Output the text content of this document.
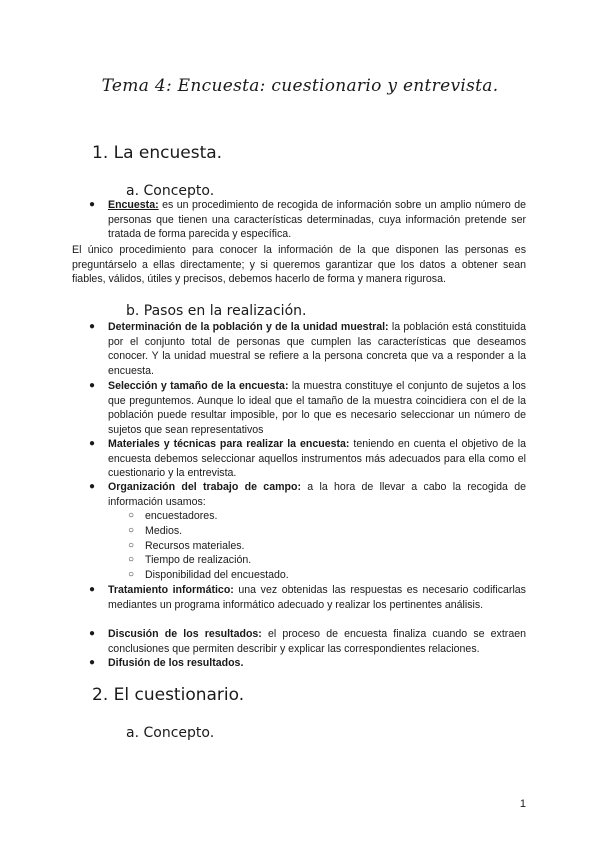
Tema 4: Encuesta: cuestionario y entrevista.
1. La encuesta.
a. Concepto.
● Encuesta: es un procedimiento de recogida de información sobre un amplio número de personas que tienen una características determinadas, cuya información pretende ser tratada de forma parecida y específica.
El único procedimiento para conocer la información de la que disponen las personas es preguntárselo a ellas directamente; y si queremos garantizar que los datos a obtener sean fiables, válidos, útiles y precisos, debemos hacerlo de forma y manera rigurosa.
b. Pasos en la realización.
● Determinación de la población y de la unidad muestral: la población está constituida por el conjunto total de personas que cumplen las características que deseamos conocer. Y la unidad muestral se refiere a la persona concreta que va a responder a la encuesta.
● Selección y tamaño de la encuesta: la muestra constituye el conjunto de sujetos a los que preguntemos. Aunque lo ideal que el tamaño de la muestra coincidiera con el de la población puede resultar imposible, por lo que es necesario seleccionar un número de sujetos que sean representativos
● Materiales y técnicas para realizar la encuesta: teniendo en cuenta el objetivo de la encuesta debemos seleccionar aquellos instrumentos más adecuados para ella como el cuestionario y la entrevista.
● Organización del trabajo de campo: a la hora de llevar a cabo la recogida de información usamos:
○ encuestadores.
○ Medios.
○ Recursos materiales.
○ Tiempo de realización.
○ Disponibilidad del encuestado.
● Tratamiento informático: una vez obtenidas las respuestas es necesario codificarlas mediantes un programa informático adecuado y realizar los pertinentes análisis.
● Discusión de los resultados: el proceso de encuesta finaliza cuando se extraen conclusiones que permiten describir y explicar las correspondientes relaciones.
● Difusión de los resultados.
2. El cuestionario.
a. Concepto.
1
